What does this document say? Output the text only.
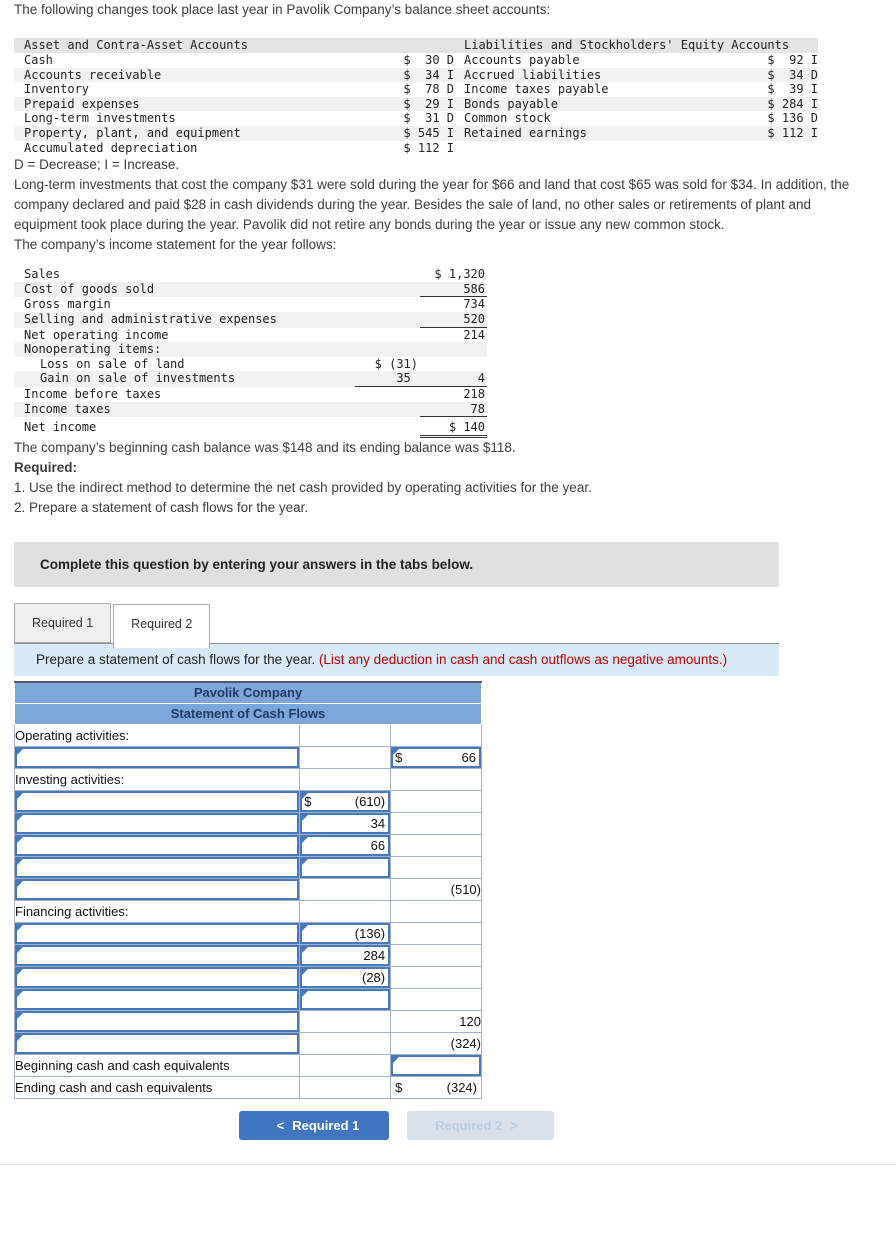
The following changes took place last year in Pavolik Company’s balance sheet accounts:

Asset and Contra-Asset Accounts	Liabilities and Stockholders' Equity Accounts
Cash	$  30 D Accounts payable	$  92 I
Accounts receivable	$  34 I Accrued liabilities	$  34 D
Inventory	$  78 D Income taxes payable	$  39 I
Prepaid expenses	$  29 I Bonds payable	$ 284 I
Long-term investments	$  31 D Common stock	$ 136 D
Property, plant, and equipment	$ 545 I Retained earnings	$ 112 I
Accumulated depreciation	$ 112 I

D = Decrease; I = Increase.

Long-term investments that cost the company $31 were sold during the year for $66 and land that cost $65 was sold for $34. In addition, the company declared and paid $28 in cash dividends during the year. Besides the sale of land, no other sales or retirements of plant and equipment took place during the year. Pavolik did not retire any bonds during the year or issue any new common stock.

The company’s income statement for the year follows:

Sales	$ 1,320
Cost of goods sold	586
Gross margin	734
Selling and administrative expenses	520
Net operating income	214
Nonoperating items:
Loss on sale of land	$ (31)
Gain on sale of investments	35	4
Income before taxes	218
Income taxes	78
Net income	$ 140

The company’s beginning cash balance was $148 and its ending balance was $118.

Required:

1. Use the indirect method to determine the net cash provided by operating activities for the year.

2. Prepare a statement of cash flows for the year.

Complete this question by entering your answers in the tabs below.
Required 1	Required 2
Prepare a statement of cash flows for the year. (List any deduction in cash and cash outflows as negative amounts.)
Pavolik Company		
Statement of Cash Flows		
Operating activities:		

		$ 66

Investing activities:		

	$ (610)	

	34	

	66	

		(510)
Financing activities:		

	(136)	

	284	

	(28)	

		120

		(324)
Beginning cash and cash equivalents		

Ending cash and cash equivalents		$ (324)
< Required 1	Required 2 >
